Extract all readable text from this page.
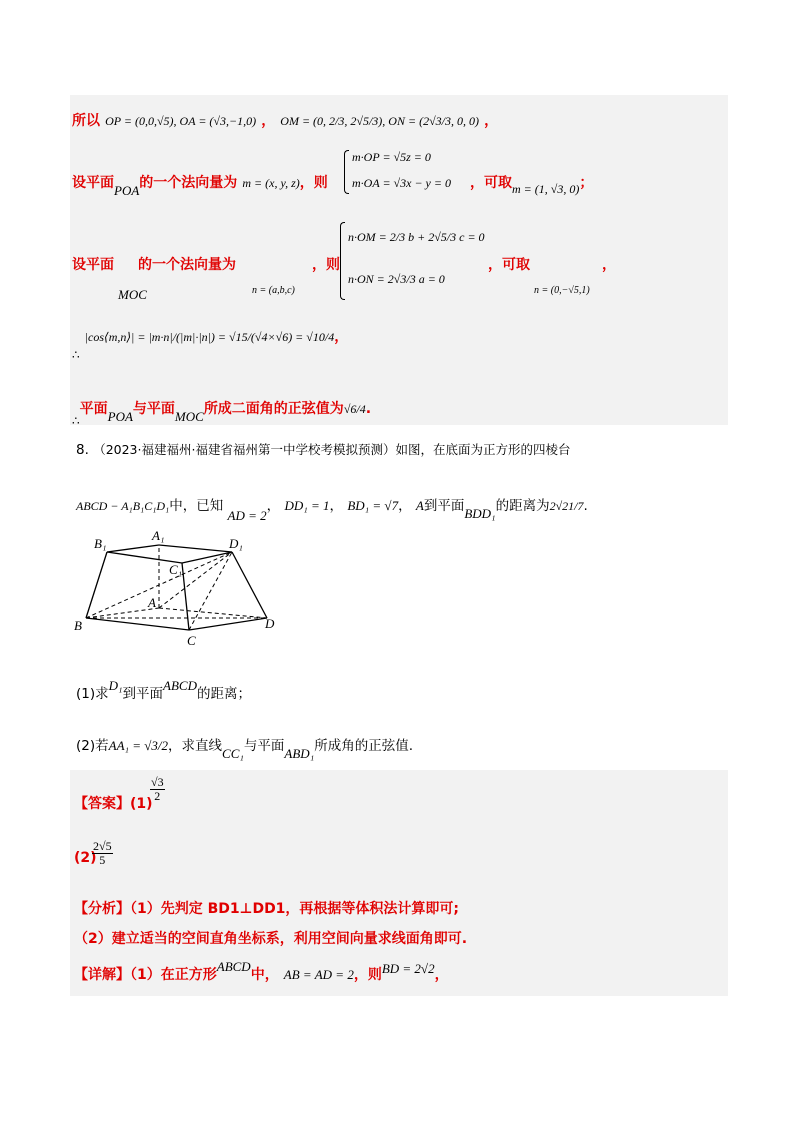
所以 OP = (0,0,√5), OA = (√3,−1,0) ， OM = (0, 2/3, 2√5/3), ON = (2√3/3, 0, 0) ，
设平面$_{POA}$的一个法向量为 m = (x, y, z)，则
m·OP = √5z = 0
m·OA = √3x − y = 0 ，可取$_{m = (1, √3, 0)}$；
设平面 的一个法向量为
MOC	n = (a,b,c)
，则
n·OM = 2/3 b + 2√5/3 c = 0
n·ON = 2√3/3 a = 0
，可取
n = (0,−√5,1)
，
$_\therefore$ |cos⟨m,n⟩| = |m·n|/(|m|·|n|) = √15/(√4×√6) = √10/4，
$_\therefore$平面$_{POA}$与平面$_{MOC}$所成二面角的正弦值为√6/4.
8. （2023·福建福州·福建省福州第一中学校考模拟预测）如图，在底面为正方形的四棱台
ABCD − A₁B₁C₁D₁中，已知 AD = 2， DD₁ = 1， BD₁ = √7， A到平面BDD₁的距离为2√21/7.
B₁
A₁
D₁
C₁
A
B
C
D
(1)求D₁到平面ABCD的距离；
(2)若AA₁ = √3/2，求直线CC₁与平面ABD₁所成角的正弦值.
【答案】(1)
$\frac{√3}{2}$
(2)
$\frac{2√5}{5}$
【分析】（1）先判定 BD1⊥DD1，再根据等体积法计算即可;
（2）建立适当的空间直角坐标系，利用空间向量求线面角即可.
【详解】（1）在正方形$^{ABCD}$中， AB = AD = 2，则$^{BD = 2√2}$，
